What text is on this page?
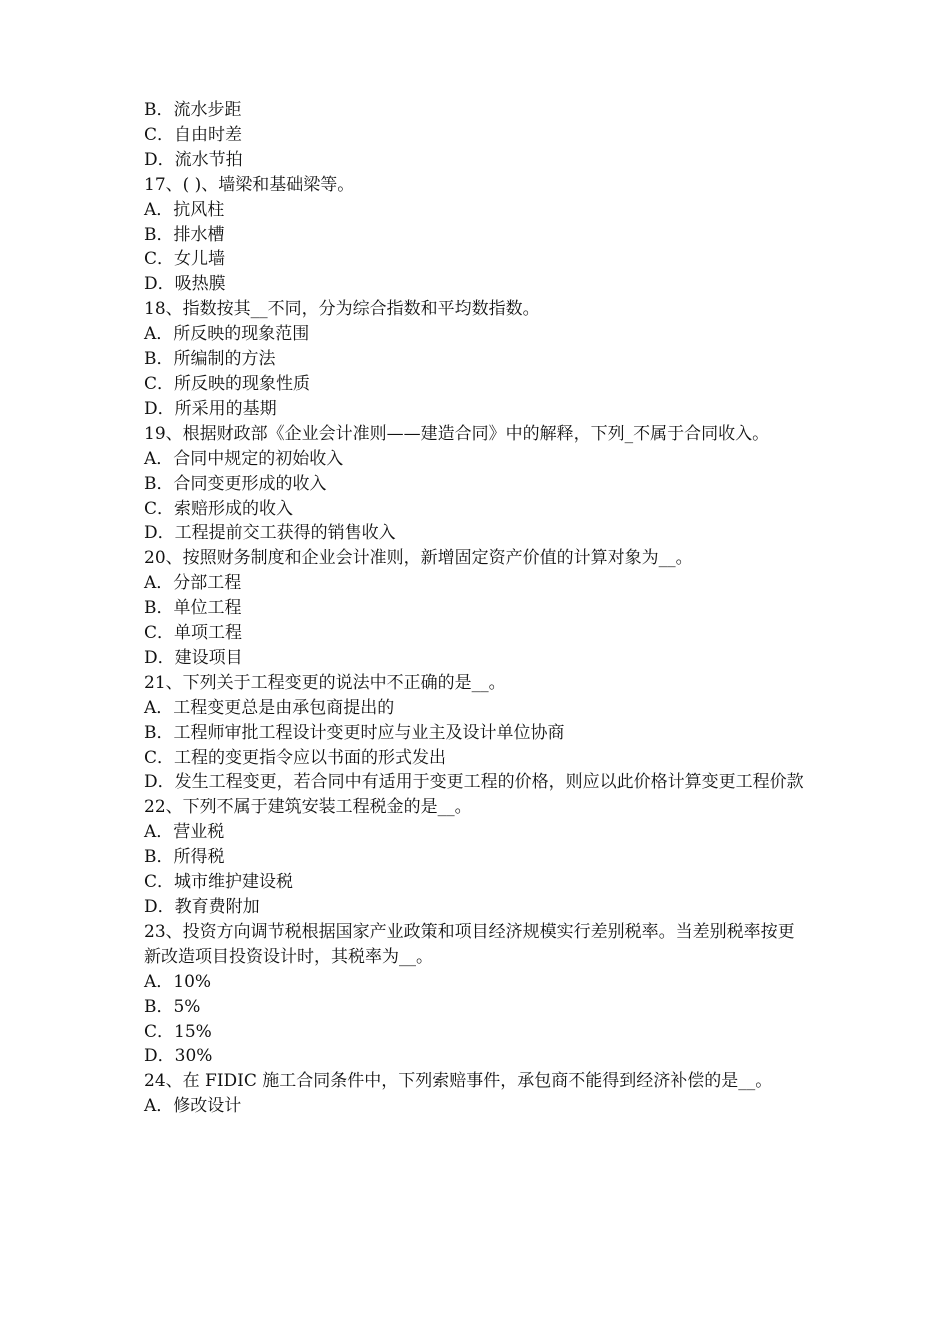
B．流水步距
C．自由时差
D．流水节拍
17、( )、墙梁和基础梁等。
A．抗风柱
B．排水槽
C．女儿墙
D．吸热膜
18、指数按其__不同，分为综合指数和平均数指数。
A．所反映的现象范围
B．所编制的方法
C．所反映的现象性质
D．所采用的基期
19、根据财政部《企业会计准则——建造合同》中的解释，下列_不属于合同收入。
A．合同中规定的初始收入
B．合同变更形成的收入
C．索赔形成的收入
D．工程提前交工获得的销售收入
20、按照财务制度和企业会计准则，新增固定资产价值的计算对象为__。
A．分部工程
B．单位工程
C．单项工程
D．建设项目
21、下列关于工程变更的说法中不正确的是__。
A．工程变更总是由承包商提出的
B．工程师审批工程设计变更时应与业主及设计单位协商
C．工程的变更指令应以书面的形式发出
D．发生工程变更，若合同中有适用于变更工程的价格，则应以此价格计算变更工程价款
22、下列不属于建筑安装工程税金的是__。
A．营业税
B．所得税
C．城市维护建设税
D．教育费附加
23、投资方向调节税根据国家产业政策和项目经济规模实行差别税率。当差别税率按更新改造项目投资设计时，其税率为__。
A．10%
B．5%
C．15%
D．30%
24、在 FIDIC 施工合同条件中，下列索赔事件，承包商不能得到经济补偿的是__。
A．修改设计
